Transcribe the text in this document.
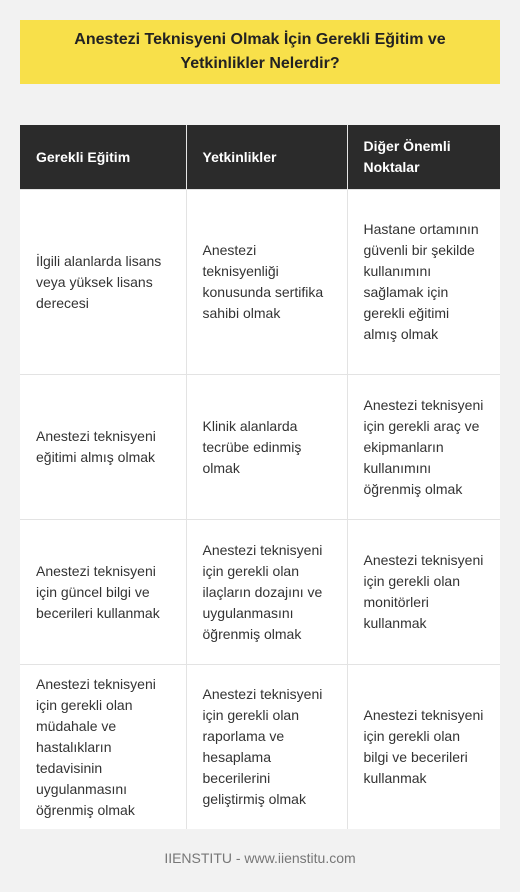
Anestezi Teknisyeni Olmak İçin Gerekli Eğitim ve Yetkinlikler Nelerdir?
Gerekli Eğitim	Yetkinlikler	Diğer Önemli Noktalar
İlgili alanlarda lisans veya yüksek lisans derecesi	Anestezi teknisyenliği konusunda sertifika sahibi olmak	Hastane ortamının güvenli bir şekilde kullanımını sağlamak için gerekli eğitimi almış olmak
Anestezi teknisyeni eğitimi almış olmak	Klinik alanlarda tecrübe edinmiş olmak	Anestezi teknisyeni için gerekli araç ve ekipmanların kullanımını öğrenmiş olmak
Anestezi teknisyeni için güncel bilgi ve becerileri kullanmak	Anestezi teknisyeni için gerekli olan ilaçların dozajını ve uygulanmasını öğrenmiş olmak	Anestezi teknisyeni için gerekli olan monitörleri kullanmak
Anestezi teknisyeni için gerekli olan müdahale ve hastalıkların tedavisinin uygulanmasını öğrenmiş olmak	Anestezi teknisyeni için gerekli olan raporlama ve hesaplama becerilerini geliştirmiş olmak	Anestezi teknisyeni için gerekli olan bilgi ve becerileri kullanmak
IIENSTITU - www.iienstitu.com
